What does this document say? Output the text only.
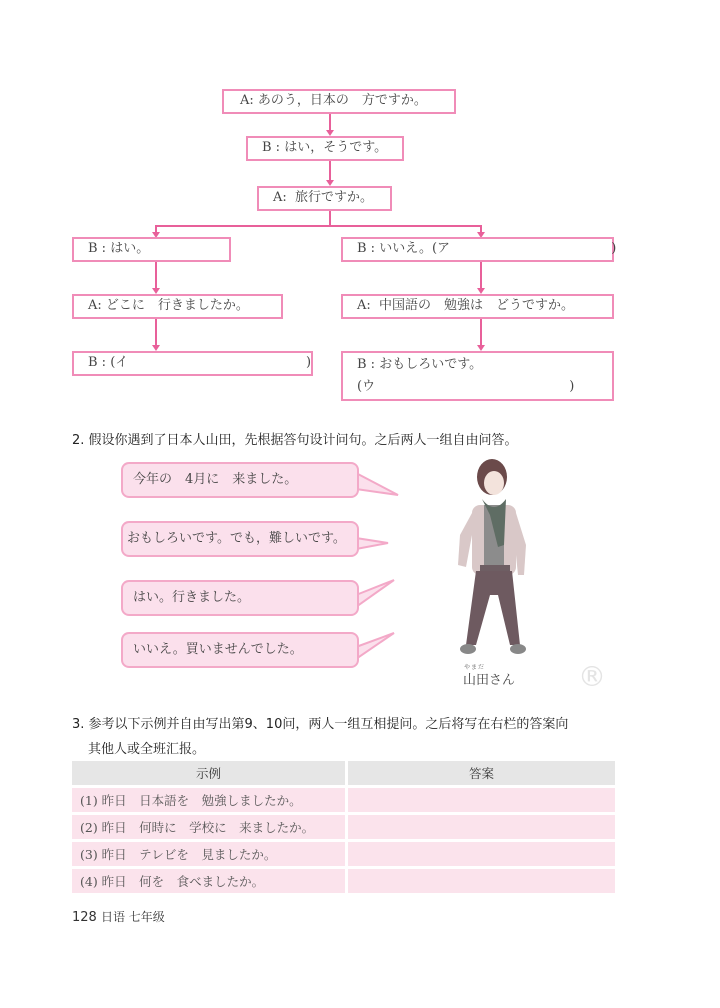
A: あのう，日本の　方ですか。
B : はい，そうです。
A:  旅行ですか。
B : はい。	B : いいえ。(ア                                       )
A: どこに　行きましたか。	A:  中国語の　勉強は　どうですか。
B : (イ                                           )	B : おもしろいです。
(ウ                                               )
2. 假设你遇到了日本人山田，先根据答句设计问句。之后两人一组自由问答。
今年の　4月に　来ました。
おもしろいです。でも，難しいです。
はい。行きました。
いいえ。買いませんでした。
やまだ
山田さん ®
3. 参考以下示例并自由写出第9、10问，两人一组互相提问。之后将写在右栏的答案向
其他人或全班汇报。
示例	答案
(1) 昨日　日本語を　勉強しましたか。	
(2) 昨日　何時に　学校に　来ましたか。	
(3) 昨日　テレビを　見ましたか。	
(4) 昨日　何を　食べましたか。	
128 日语 七年级
